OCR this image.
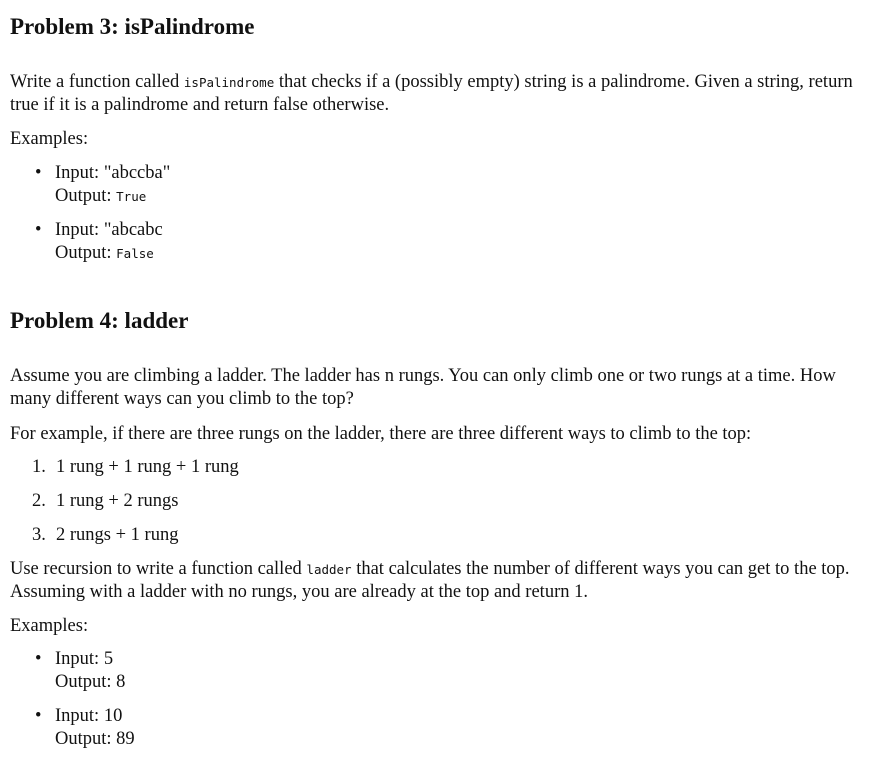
Problem 3: isPalindrome
Write a function called isPalindrome that checks if a (possibly empty) string is a palindrome. Given a string, return true if it is a palindrome and return false otherwise.
Examples:
• Input: "abccba"
Output: True
• Input: "abcabc
Output: False
Problem 4: ladder
Assume you are climbing a ladder. The ladder has n rungs. You can only climb one or two rungs at a time. How many different ways can you climb to the top?
For example, if there are three rungs on the ladder, there are three different ways to climb to the top:
1. 1 rung + 1 rung + 1 rung
2. 1 rung + 2 rungs
3. 2 rungs + 1 rung
Use recursion to write a function called ladder that calculates the number of different ways you can get to the top. Assuming with a ladder with no rungs, you are already at the top and return 1.
Examples:
• Input: 5
Output: 8
• Input: 10
Output: 89
